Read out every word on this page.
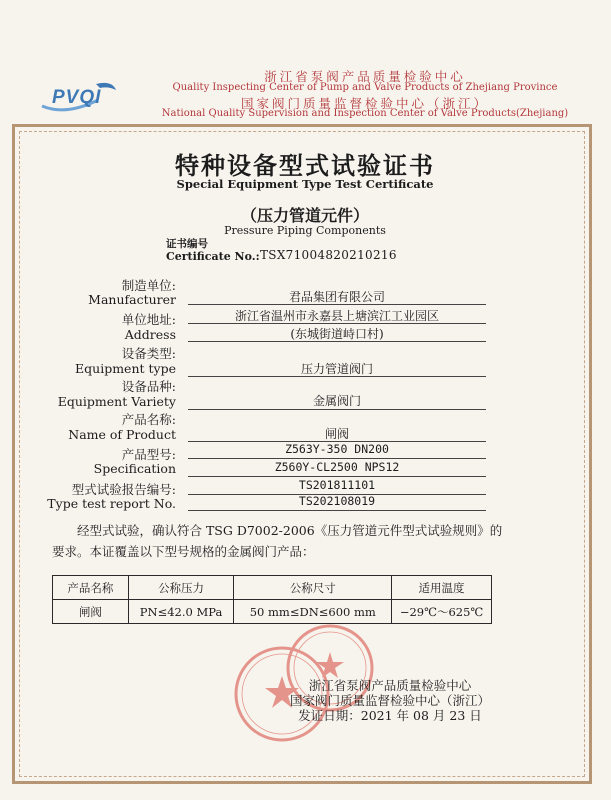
PVQI
浙江省泵阀产品质量检验中心
Quality Inspecting Center of Pump and Valve Products of Zhejiang Province
国家阀门质量监督检验中心（浙江）
National Quality Supervision and Inspection Center of Valve Products(Zhejiang)
特种设备型式试验证书
Special Equipment Type Test Certificate
（压力管道元件）
Pressure Piping Components
证书编号
Certificate No.: TSX71004820210216
制造单位:
Manufacturer	君品集团有限公司
单位地址:
Address
浙江省温州市永嘉县上塘滨江工业园区
(东城街道峙口村)
设备类型:
Equipment type	压力管道阀门
设备品种:
Equipment Variety	金属阀门
产品名称:
Name of Product	闸阀
产品型号:
Specification
Z563Y-350 DN200
Z560Y-CL2500 NPS12
型式试验报告编号:
Type test report No.
TS201811101
TS202108019
经型式试验，确认符合 TSG D7002-2006《压力管道元件型式试验规则》的要求。本证覆盖以下型号规格的金属阀门产品：
产品名称	公称压力	公称尺寸	适用温度
闸阀	PN≤42.0 MPa	50 mm≤DN≤600 mm	−29℃～625℃
浙江省泵阀产品质量检验中心
国家阀门质量监督检验中心（浙江）
发证日期：2021 年 08 月 23 日
